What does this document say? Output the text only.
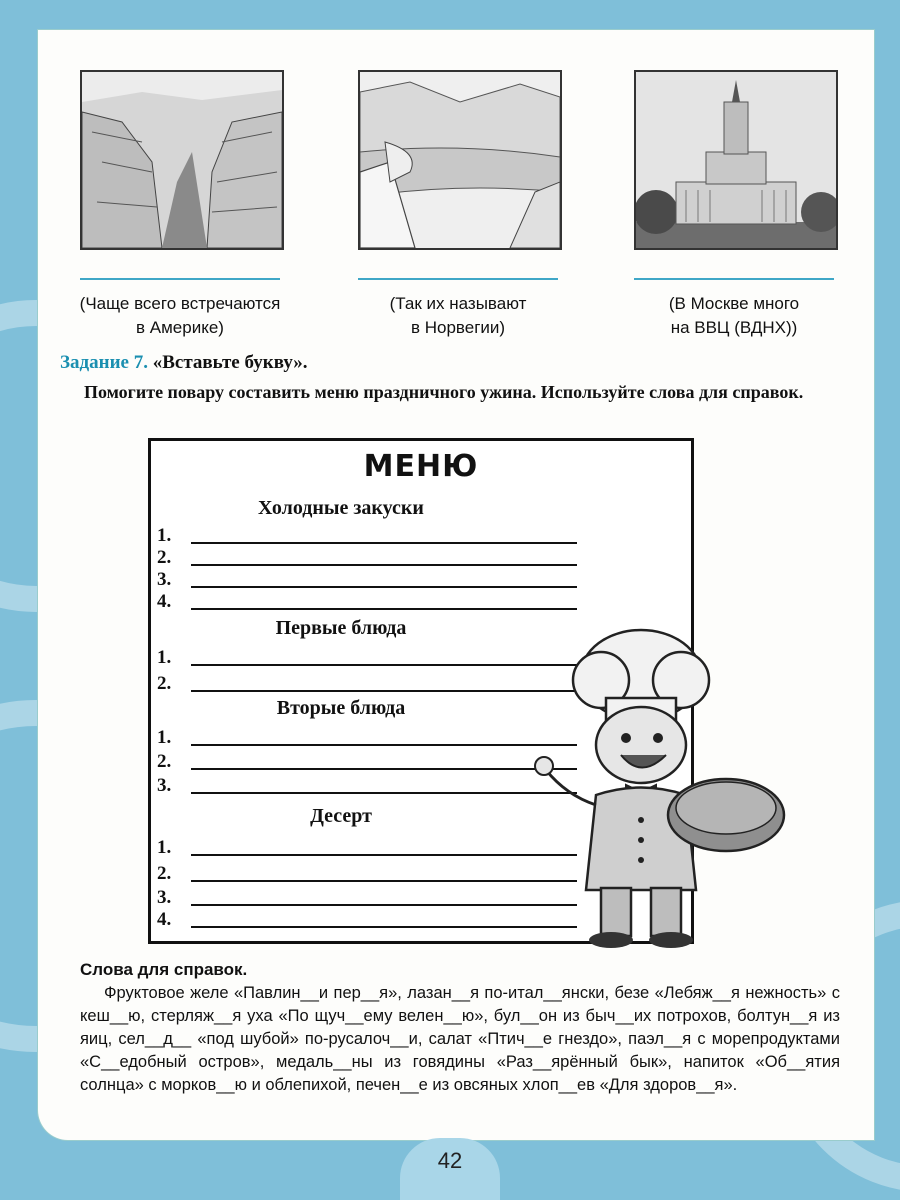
(Чаще всего встречаются
в Америке)
(Так их называют
в Норвегии)
(В Москве много
на ВВЦ (ВДНХ))
Задание 7. «Вставьте букву».
Помогите повару составить меню праздничного ужина. Используйте слова для справок.
МЕНЮ
Холодные закуски
1.
2.
3.
4.
Первые блюда
1.
2.
Вторые блюда
1.
2.
3.
Десерт
1.
2.
3.
4.
Слова для справок.
Фруктовое желе «Павлин__и пер__я», лазан__я по-итал__янски, безе «Лебяж__я нежность» с кеш__ю, стерляж__я уха «По щуч__ему велен__ю», бул__он из быч__их потрохов, болтун__я из яиц, сел__д__ «под шубой» по-русалоч__и, салат «Птич__е гнездо», паэл__я с морепродуктами «С__едобный остров», медаль__ны из говядины «Раз__ярённый бык», напиток «Об__ятия солнца» с морков__ю и облепихой, печен__е из овсяных хлоп__ев «Для здоров__я».
42
